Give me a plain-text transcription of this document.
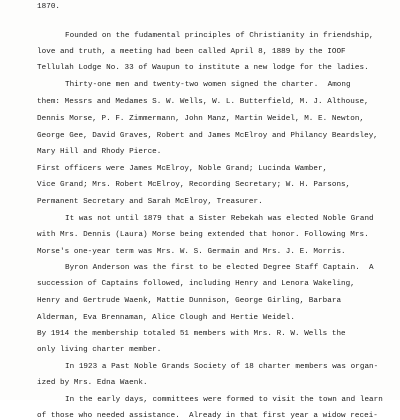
1870.
Founded on the fudamental principles of Christianity in friendship,
love and truth, a meeting had been called April 8, 1889 by the IOOF
Tellulah Lodge No. 33 of Waupun to institute a new lodge for the ladies.
Thirty-one men and twenty-two women signed the charter.  Among
them: Messrs and Medames S. W. Wells, W. L. Butterfield, M. J. Althouse,
Dennis Morse, P. F. Zimmermann, John Manz, Martin Weidel, M. E. Newton,
George Gee, David Graves, Robert and James McElroy and Philancy Beardsley,
Mary Hill and Rhody Pierce.
First officers were James McElroy, Noble Grand; Lucinda Wamber,
Vice Grand; Mrs. Robert McElroy, Recording Secretary; W. H. Parsons,
Permanent Secretary and Sarah McElroy, Treasurer.
It was not until 1879 that a Sister Rebekah was elected Noble Grand
with Mrs. Dennis (Laura) Morse being extended that honor. Following Mrs.
Morse's one-year term was Mrs. W. S. Germain and Mrs. J. E. Morris.
Byron Anderson was the first to be elected Degree Staff Captain.  A
succession of Captains followed, including Henry and Lenora Wakeling,
Henry and Gertrude Waenk, Mattie Dunnison, George Girling, Barbara
Alderman, Eva Brennaman, Alice Clough and Hertie Weidel.
By 1914 the membership totaled 51 members with Mrs. R. W. Wells the
only living charter member.
In 1923 a Past Noble Grands Society of 18 charter members was organ-
ized by Mrs. Edna Waenk.
In the early days, committees were formed to visit the town and learn
of those who needed assistance.  Already in that first year a widow recei-
